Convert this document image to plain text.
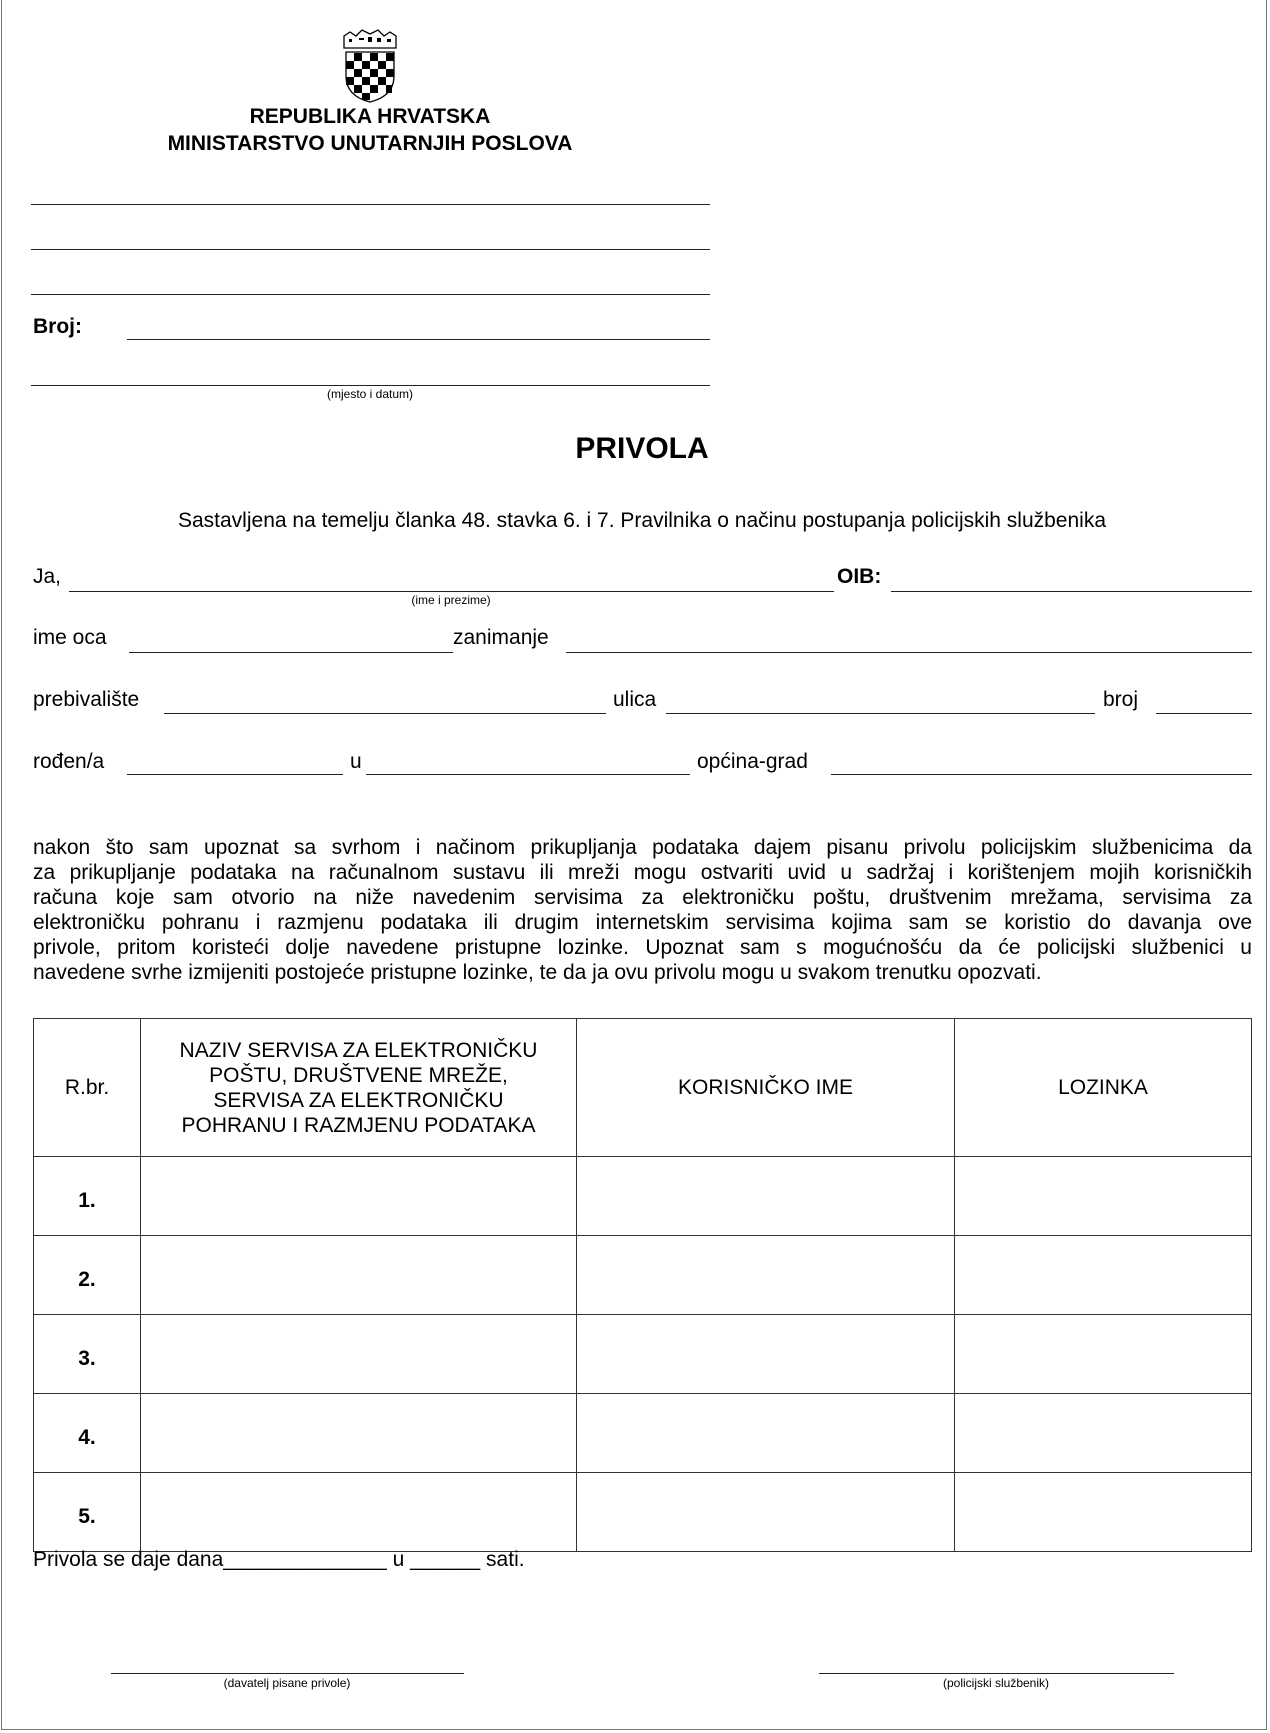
REPUBLIKA HRVATSKA
MINISTARSTVO UNUTARNJIH POSLOVA
Broj:
(mjesto i datum)
PRIVOLA
Sastavljena na temelju članka 48. stavka 6. i 7. Pravilnika o načinu postupanja policijskih službenika
Ja,
(ime i prezime)
OIB:
ime oca	zanimanje
prebivalište	ulica	broj
rođen/a	u	općina-grad
nakon što sam upoznat sa svrhom i načinom prikupljanja podataka dajem pisanu privolu policijskim službenicima da
za prikupljanje podataka na računalnom sustavu ili mreži mogu ostvariti uvid u sadržaj i korištenjem mojih korisničkih
računa koje sam otvorio na niže navedenim servisima za elektroničku poštu, društvenim mrežama, servisima za
elektroničku pohranu i razmjenu podataka ili drugim internetskim servisima kojima sam se koristio do davanja ove
privole, pritom koristeći dolje navedene pristupne lozinke. Upoznat sam s mogućnošću da će policijski službenici u
navedene svrhe izmijeniti postojeće pristupne lozinke, te da ja ovu privolu mogu u svakom trenutku opozvati.
R.br.	NAZIV SERVISA ZA ELEKTRONIČKU POŠTU, DRUŠTVENE MREŽE, SERVISA ZA ELEKTRONIČKU POHRANU I RAZMJENU PODATAKA	KORISNIČKO IME	LOZINKA
1.			
2.			
3.			
4.			
5.			
Privola se daje dana______________ u ______ sati.
(davatelj pisane privole)	(policijski službenik)
